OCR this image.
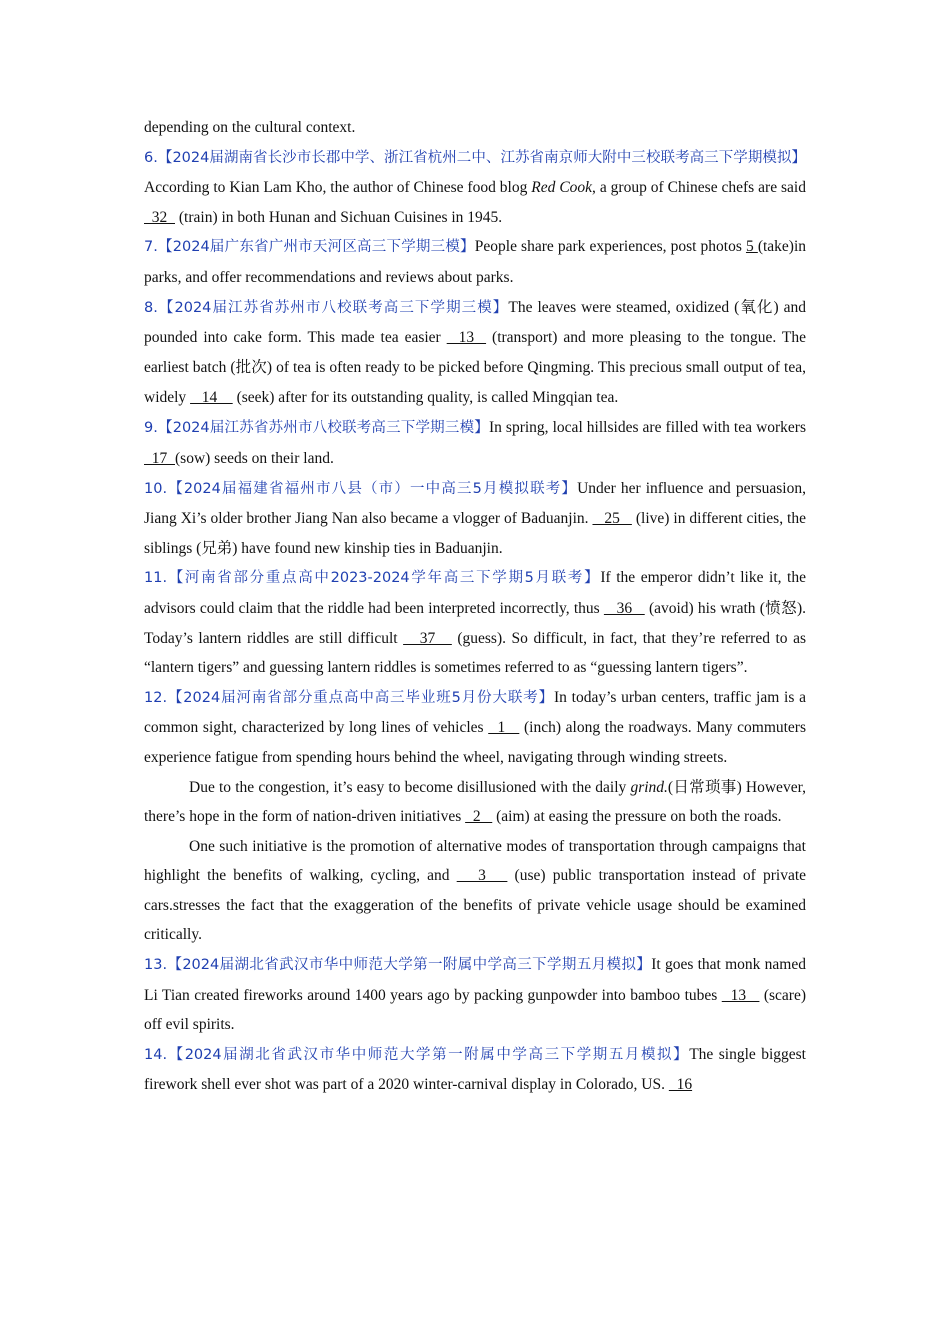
depending on the cultural context.

6.【2024届湖南省长沙市长郡中学、浙江省杭州二中、江苏省南京师大附中三校联考高三下学期模拟】According to Kian Lam Kho, the author of Chinese food blog Red Cook, a group of Chinese chefs are said   32   (train) in both Hunan and Sichuan Cuisines in 1945.

7.【2024届广东省广州市天河区高三下学期三模】People share park experiences, post photos 5 (take)in parks, and offer recommendations and reviews about parks.

8.【2024届江苏省苏州市八校联考高三下学期三模】The leaves were steamed, oxidized (氧化) and pounded into cake form. This made tea easier   13   (transport) and more pleasing to the tongue. The earliest batch (批次) of tea is often ready to be picked before Qingming. This precious small output of tea, widely    14     (seek) after for its outstanding quality, is called Mingqian tea.

9.【2024届江苏省苏州市八校联考高三下学期三模】In spring, local hillsides are filled with tea workers   17  (sow) seeds on their land.

10.【2024届福建省福州市八县（市）一中高三5月模拟联考】Under her influence and persuasion, Jiang Xi’s older brother Jiang Nan also became a vlogger of Baduanjin.    25    (live) in different cities, the siblings (兄弟) have found new kinship ties in Baduanjin.

11.【河南省部分重点高中2023-2024学年高三下学期5月联考】If the emperor didn’t like it, the advisors could claim that the riddle had been interpreted incorrectly, thus    36    (avoid) his wrath (愤怒). Today’s lantern riddles are still difficult    37    (guess). So difficult, in fact, that they’re referred to as “lantern tigers” and guessing lantern riddles is sometimes referred to as “guessing lantern tigers”.

12.【2024届河南省部分重点高中高三毕业班5月份大联考】In today’s urban centers, traffic jam is a common sight, characterized by long lines of vehicles   1    (inch) along the roadways. Many commuters experience fatigue from spending hours behind the wheel, navigating through winding streets.

Due to the congestion, it’s easy to become disillusioned with the daily grind.(日常琐事) However, there’s hope in the form of nation-driven initiatives   2    (aim) at easing the pressure on both the roads.

One such initiative is the promotion of alternative modes of transportation through campaigns that highlight the benefits of walking, cycling, and    3    (use) public transportation instead of private cars.stresses the fact that the exaggeration of the benefits of private vehicle usage should be examined critically.

13.【2024届湖北省武汉市华中师范大学第一附属中学高三下学期五月模拟】It goes that monk named Li Tian created fireworks around 1400 years ago by packing gunpowder into bamboo tubes   13    (scare) off evil spirits.

14.【2024届湖北省武汉市华中师范大学第一附属中学高三下学期五月模拟】The single biggest firework shell ever shot was part of a 2020 winter-carnival display in Colorado, US.   16
